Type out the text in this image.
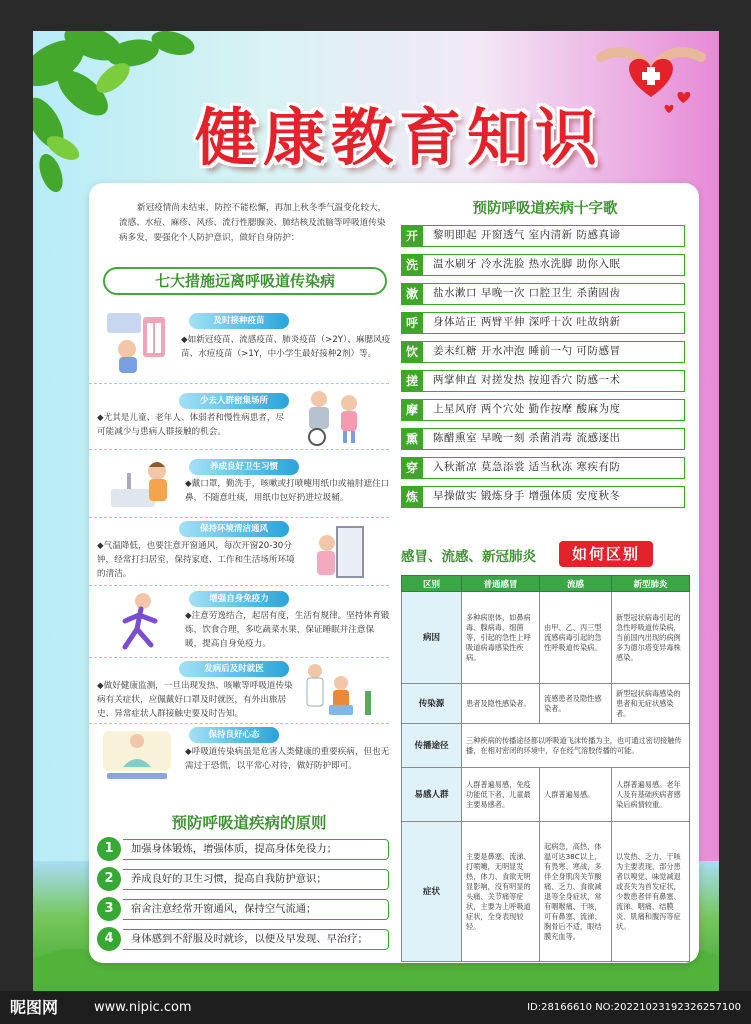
健康教育知识
新冠疫情尚未结束，防控不能松懈，再加上秋冬季气温变化较大，流感、水痘、麻疹、风疹、流行性腮腺炎、肺结核及流脑等呼吸道传染病多发，要强化个人防护意识，做好自身防护：
七大措施远离呼吸道传染病
及时接种疫苗
◆如新冠疫苗、流感疫苗、肺炎疫苗（>2Y）、麻腮风疫苗、水痘疫苗（>1Y，中小学生最好接种2剂）等。
少去人群密集场所
◆尤其是儿童、老年人、体弱者和慢性病患者，尽可能减少与患病人群接触的机会。
养成良好卫生习惯
◆戴口罩，勤洗手，咳嗽或打喷嚏用纸巾或袖肘遮住口鼻，不随意吐痰，用纸巾包好扔进垃圾桶。
保持环境清洁通风
◆气温降低，也要注意开窗通风，每次开窗20-30分钟，经常打扫居室，保持家庭、工作和生活场所环境的清洁。
增强自身免疫力
◆注意劳逸结合，起居有度，生活有规律。坚持体育锻炼，饮食合理，多吃蔬菜水果，保证睡眠并注意保暖，提高自身免疫力。
发病后及时就医
◆做好健康监测，一旦出现发热、咳嗽等呼吸道传染病有关症状，应佩戴好口罩及时就医，有外出旅居史、异常症状人群接触史要及时告知。
保持良好心态
◆呼吸道传染病虽是危害人类健康的重要疾病，但也无需过于恐慌，以平常心对待，做好防护即可。
预防呼吸道疾病的原则
1	加强身体锻炼，增强体质，提高身体免役力；
2	养成良好的卫生习惯，提高自我防护意识；
3	宿舍注意经常开窗通风，保持空气流通；
4	身体感到不舒服及时就诊，以便及早发现、早治疗；
预防呼吸道疾病十字歌
开	黎明即起 开窗透气 室内清新 防感真谛
洗	温水刷牙 冷水洗脸 热水洗脚 助你入眠
漱	盐水漱口 早晚一次 口腔卫生 杀菌固齿
呼	身体站正 两臂平伸 深呼十次 吐故纳新
饮	姜末红糖 开水冲泡 睡前一勺 可防感冒
搓	两掌伸直 对搓发热 按迎香穴 防感一术
摩	上星风府 两个穴处 勤作按摩 酸麻为度
熏	陈醋熏室 早晚一刻 杀菌消毒 流感逐出
穿	入秋渐凉 莫急添裳 适当秋冻 寒疾有防
炼	早操做实 锻炼身手 增强体质 安度秋冬
感冒、流感、新冠肺炎	如何区别
区别	普通感冒	流感	新型肺炎
病因	多种病原体，如鼻病毒、腺病毒、细菌等，引起的急性上呼吸道病毒感染性疾病。	由甲、乙、丙三型流感病毒引起的急性呼吸道传染病。	新型冠状病毒引起的急性呼吸道传染病，当前国内出现的病例多为德尔塔变异毒株感染。
传染源	患者及隐性感染者。	流感患者及隐性感染者。	新型冠状病毒感染的患者和无症状感染者。
传播途径	三种疾病的传播途径都以呼吸道飞沫传播为主，也可通过密切接触传播，在相对密闭的环境中，存在经气溶胶传播的可能。		
易感人群	人群普遍易感，免疫功能低下者、儿童最主要易感者。	人群普遍易感。	人群普遍易感。老年人及有基础疾病者感染后病情较重。
症状	主要是鼻塞、流涕、打喷嚏，无明显发热，体力、食欲无明显影响，没有明显的头痛、关节痛等症状，主要为上呼吸道症状，全身表现较轻。	起病急，高热，体温可达38C以上，有畏寒、寒战，多伴全身肌肉关节酸痛、乏力、食欲减退等全身症状，常有咽喉痛、干咳，可有鼻塞、流涕、胸骨后不适，眼结膜充血等。	以发热、乏力、干咳为主要表现，部分患者以嗅觉、味觉减退或丧失为首发症状，少数患者伴有鼻塞、流涕、咽痛、结膜炎、肌痛和腹泻等症状。
昵图网	www.nipic.com	ID:28166610 NO:20221023192326257100
